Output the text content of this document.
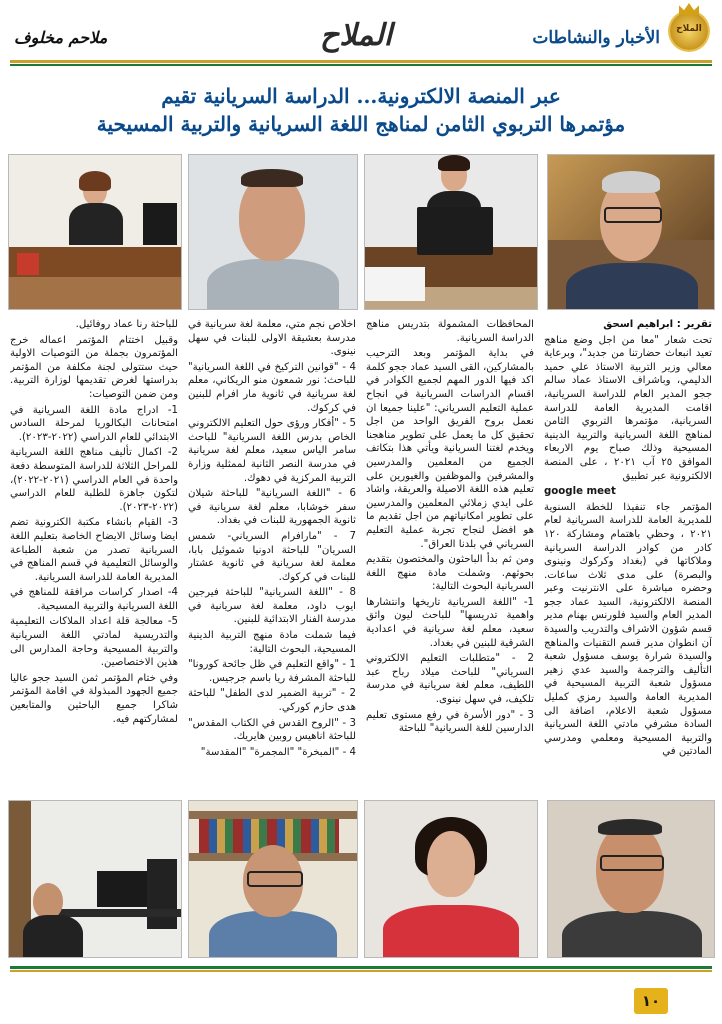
الملاح
الأخبار والنشاطات
الملاح
ملاحم مخلوف
عبر المنصة الالكترونية... الدراسة السريانية تقيم
مؤتمرها التربوي الثامن لمناهج اللغة السريانية والتربية المسيحية

تقرير : ابراهيم اسحق

تحت شعار "معا من اجل وضع مناهج تعيد انبعاث حضارتنا من جديد"، وبرعاية معالي وزير التربية الاستاذ علي حميد الدليمي، وباشراف الاستاذ عماد سالم ججو المدير العام للدراسة السريانية، اقامت المديرية العامة للدراسة السريانية، مؤتمرها التربوي الثامن لمناهج اللغة السريانية والتربية الدينية المسيحية وذلك صباح يوم الاربعاء الموافق ٢٥ آب ٢٠٢١ ، على المنصة الالكترونية عبر تطبيق

google meet

المؤتمر جاء تنفيذا للخطة السنوية للمديرية العامة للدراسة السريانية لعام ٢٠٢١ ، وحظي باهتمام ومشاركة ١٢٠ كادر من كوادر الدراسة السريانية وملاكاتها في (بغداد وكركوك ونينوى والبصرة) على مدى ثلاث ساعات. وحضره مباشرة على الانترنيت وعبر المنصة الالكترونية، السيد عماد ججو المدير العام والسيد فلورنس بهنام مدير قسم شؤون الاشراف والتدريب والسيدة آن انطوان مدير قسم التقنيات والمناهج والسيدة شرارة يوسف مسؤول شعبة التأليف والترجمة والسيد عدي زهير مسؤول شعبة التربية المسيحية في المديرية العامة والسيد رمزي كمليل مسؤول شعبة الاعلام، اضافة الى السادة مشرفي مادتي اللغة السريانية والتربية المسيحية ومعلمي ومدرسي المادتين في

المحافظات المشمولة بتدريس مناهج الدراسة السريانية.

في بداية المؤتمر وبعد الترحيب بالمشاركين، القى السيد عماد ججو كلمة اكد فيها الدور المهم لجميع الكوادر في اقسام الدراسات السريانية في انجاح عملية التعليم السرياني: "علينا جميعا ان نعمل بروح الفريق الواحد من اجل تحقيق كل ما يعمل على تطوير مناهجنا ويخدم لغتنا السريانية ويأتي هذا بتكاتف الجميع من المعلمين والمدرسين والمشرفين والموظفين والغيورين على تعليم هذه اللغة الاصيلة والعريقة، واشاد على ايدي زملائي المعلمين والمدرسين على تطوير امكانياتهم من اجل تقديم ما هو افضل لنجاح تجربة عملية التعليم السرياني في بلدنا العراق".

ومن ثم بدأ الباحثون والمختصون بتقديم بحوثهم. وشملت مادة منهج اللغة السريانية البحوث التالية:

1- "اللغة السريانية تاريخها وانتشارها واهمية تدريسها" للباحث ليون واثق سعيد، معلم لغة سريانية في اعدادية الشرقية للبنين في بغداد.

2 - "متطلبات التعليم الالكتروني السرياني" للباحث ميلاد رباح عبد اللطيف، معلم لغة سريانية في مدرسة تلكيف، في سهل نينوى.

3 - "دور الأسرة في رفع مستوى تعليم الدارسين للغة السريانية" للباحثة

اخلاص نجم متي، معلمة لغة سريانية في مدرسة بعشيقة الاولى للبنات في سهل نينوى.

4 - "قوانين التركيخ في اللغة السريانية" للباحث: نور شمعون منو الريكاني، معلم لغة سريانية في ثانوية مار افرام للبنين في كركوك.

5 - "أفكار ورؤى حول التعليم الالكتروني الخاص بدرس اللغة السريانية" للباحث سامر الياس سعيد، معلم لغة سريانية في مدرسة النصر الثانية لممثلية وزارة التربية المركزية في دهوك.

6 - "اللغة السريانية" للباحثة شيلان سفر خوشابا، معلم لغة سريانية في ثانوية الجمهورية للبنات في بغداد.

7 - "مارافرام السرياني- شمس السريان" للباحثة ادونيا شموئيل بابا، معلمة لغة سريانية في ثانوية عشتار للبنات في كركوك.

8 - "اللغة السريانية" للباحثة فيرجين ايوب داود، معلمة لغة سريانية في مدرسة الفنار الابتدائية للبنين.

فيما شملت مادة منهج التربية الدينية المسيحية، البحوث التالية:

1 - "واقع التعليم في ظل جائحة كورونا" للباحثة المشرفة ريا باسم جرجيس.

2 - "تربية الضمير لدى الطفل" للباحثة هدى حازم كوركي.

3 - "الروح القدس في الكتاب المقدس" للباحثة اناهيس روبين هايريك.

4 - "المبخرة" "المجمرة" "المقدسة"

للباحثة رنا عماد روفائيل.

وقبيل اختتام المؤتمر اعماله خرج المؤتمرون بجملة من التوصيات الاولية حيث ستتولى لجنة مكلفة من المؤتمر بدراستها لغرض تقديمها لوزارة التربية. ومن ضمن التوصيات:

1- ادراج مادة اللغة السريانية في امتحانات البكالوريا لمرحلة السادس الابتدائي للعام الدراسي (٢٠٢٢-٢٠٢٣).

2- اكمال تأليف مناهج اللغة السريانية للمراحل الثلاثة للدراسة المتوسطة دفعة واحدة في العام الدراسي (٢٠٢١-٢٠٢٢)، لتكون جاهزة للطلبة للعام الدراسي (٢٠٢٢-٢٠٢٣).

3- القيام بانشاء مكتبة الكترونية تضم ايضا وسائل الايضاح الخاصة بتعليم اللغة السريانية تصدر من شعبة الطباعة والوسائل التعليمية في قسم المناهج في المديرية العامة للدراسة السريانية.

4- اصدار كراسات مرافقة للمناهج في اللغة السريانية والتربية المسيحية.

5- معالجة قلة اعداد الملاكات التعليمية والتدريسية لمادتي اللغة السريانية والتربية المسيحية وحاجة المدارس الى هذين الاختصاصين.

وفي ختام المؤتمر ثمن السيد ججو عاليا جميع الجهود المبذولة في اقامة المؤتمر شاكرا جميع الباحثين والمتابعين لمشاركتهم فيه.

١٠
